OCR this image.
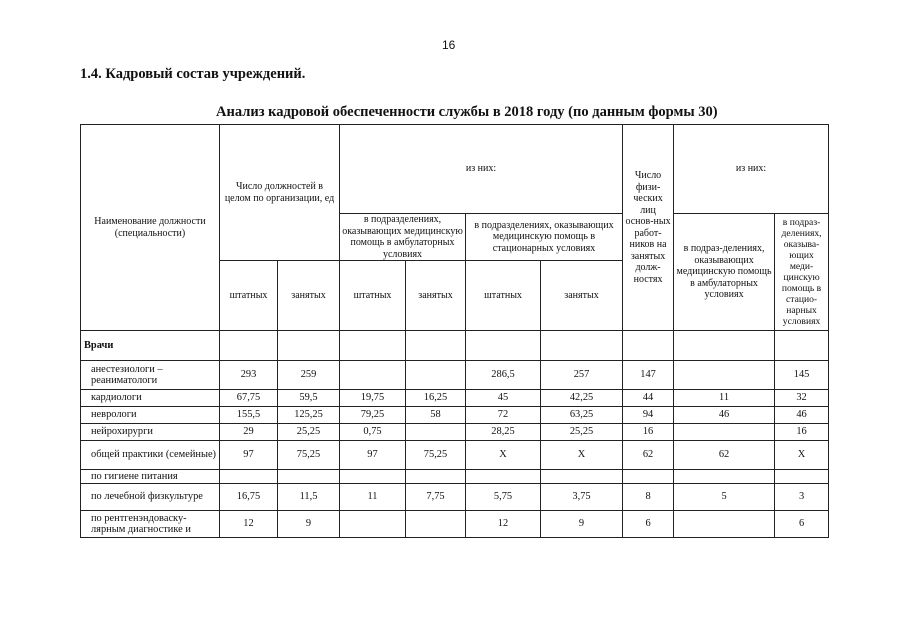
16
1.4. Кадровый состав учреждений.
Анализ кадровой обеспеченности службы в 2018 году (по данным формы 30)
Наименование должности (специальности)	Число должностей в целом по организации, ед		из них:				Число физи-ческих лиц основ-ных работ-ников на занятых долж-ностях	из них:	
			в подразделениях, оказывающих медицинскую помощь в амбулаторных условиях		в подразделениях, оказывающих медицинскую помощь в стационарных условиях			в подраз-делениях, оказывающих медицинскую помощь в амбулаторных условиях	в подраз-делениях, оказыва-ющих меди-цинскую помощь в стацио-нарных условиях
	штатных	занятых	штатных	занятых	штатных	занятых			
Врачи									
анестезиологи – реаниматологи	293	259			286,5	257	147		145
кардиологи	67,75	59,5	19,75	16,25	45	42,25	44	11	32
неврологи	155,5	125,25	79,25	58	72	63,25	94	46	46
нейрохирурги	29	25,25	0,75		28,25	25,25	16		16
общей практики (семейные)	97	75,25	97	75,25	X	X	62	62	X
по гигиене питания									
по лечебной физкультуре	16,75	11,5	11	7,75	5,75	3,75	8	5	3
по рентгенэндоваску-лярным диагностике и	12	9			12	9	6		6
